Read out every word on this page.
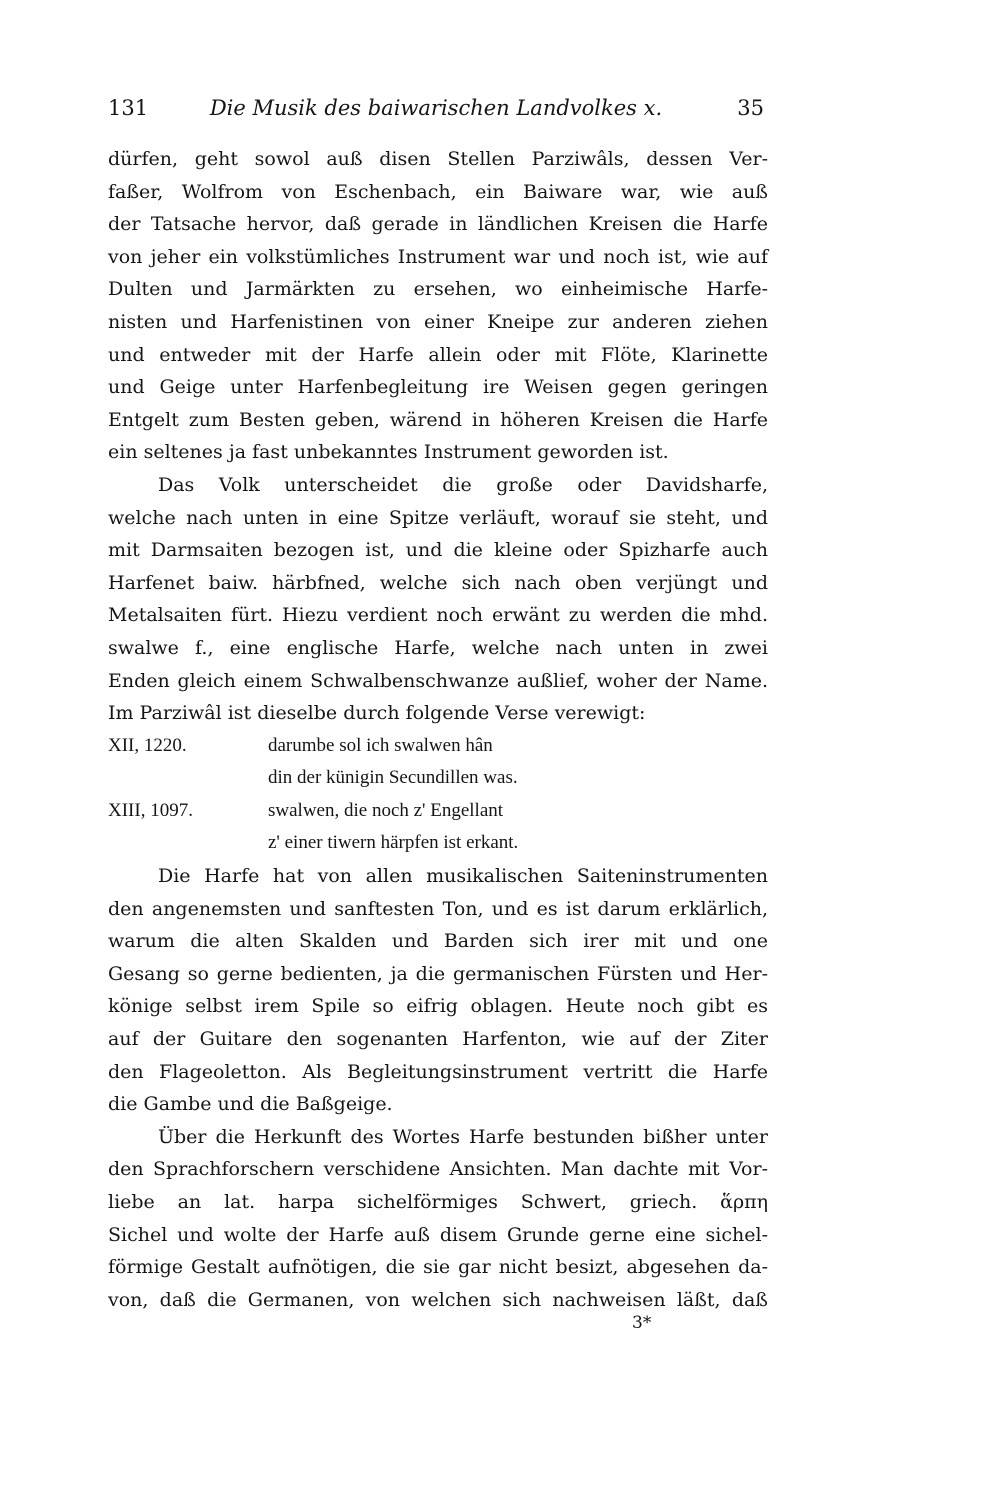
131	Die Musik des baiwarischen Landvolkes x.	35
dürfen, geht sowol auß disen Stellen Parziwâls, dessen Ver-
faßer, Wolfrom von Eschenbach, ein Baiware war, wie auß
der Tatsache hervor, daß gerade in ländlichen Kreisen die Harfe
von jeher ein volkstümliches Instrument war und noch ist, wie auf
Dulten und Jarmärkten zu ersehen, wo einheimische Harfe-
nisten und Harfenistinen von einer Kneipe zur anderen ziehen
und entweder mit der Harfe allein oder mit Flöte, Klarinette
und Geige unter Harfenbegleitung ire Weisen gegen geringen
Entgelt zum Besten geben, wärend in höheren Kreisen die Harfe
ein seltenes ja fast unbekanntes Instrument geworden ist.
Das Volk unterscheidet die große oder Davidsharfe,
welche nach unten in eine Spitze verläuft, worauf sie steht, und
mit Darmsaiten bezogen ist, und die kleine oder Spizharfe auch
Harfenet baiw. härbfned, welche sich nach oben verjüngt und
Metalsaiten fürt. Hiezu verdient noch erwänt zu werden die mhd.
swalwe f., eine englische Harfe, welche nach unten in zwei
Enden gleich einem Schwalbenschwanze außlief, woher der Name.
Im Parziwâl ist dieselbe durch folgende Verse verewigt:
XII, 1220.	darumbe sol ich swalwen hân
din der künigin Secundillen was.
XIII, 1097.	swalwen, die noch z' Engellant
z' einer tiwern härpfen ist erkant.
Die Harfe hat von allen musikalischen Saiteninstrumenten
den angenemsten und sanftesten Ton, und es ist darum erklärlich,
warum die alten Skalden und Barden sich irer mit und one
Gesang so gerne bedienten, ja die germanischen Fürsten und Her-
könige selbst irem Spile so eifrig oblagen. Heute noch gibt es
auf der Guitare den sogenanten Harfenton, wie auf der Ziter
den Flageoletton. Als Begleitungsinstrument vertritt die Harfe
die Gambe und die Baßgeige.
Über die Herkunft des Wortes Harfe bestunden bißher unter
den Sprachforschern verschidene Ansichten. Man dachte mit Vor-
liebe an lat. harpa sichelförmiges Schwert, griech. ἅρπη
Sichel und wolte der Harfe auß disem Grunde gerne eine sichel-
förmige Gestalt aufnötigen, die sie gar nicht besizt, abgesehen da-
von, daß die Germanen, von welchen sich nachweisen läßt, daß
3*
